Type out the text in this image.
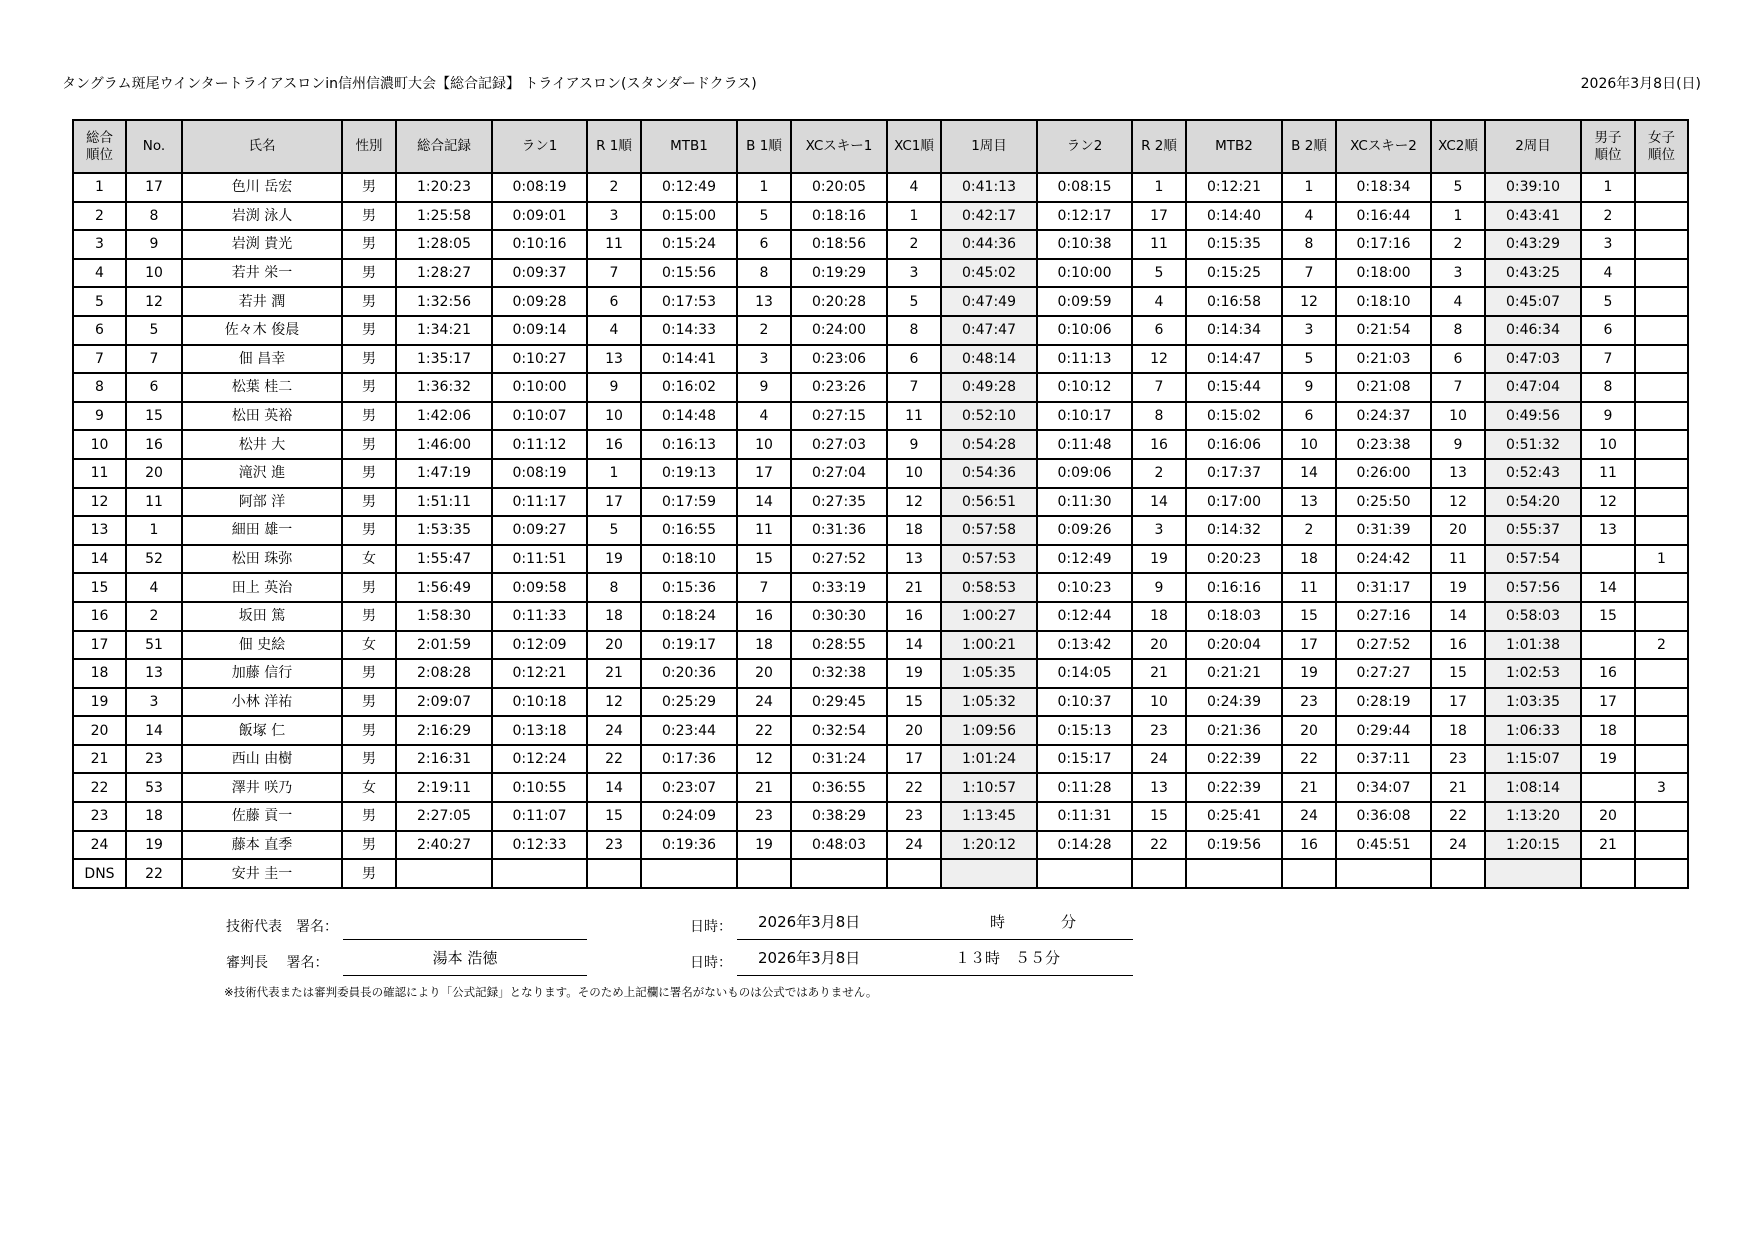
タングラム斑尾ウインタートライアスロンin信州信濃町大会【総合記録】 トライアスロン(スタンダードクラス)	2026年3月8日(日)
総合順位	No.	氏名	性別	総合記録	ラン1	R 1順	MTB1	B 1順	XCスキー1	XC1順	1周目	ラン2	R 2順	MTB2	B 2順	XCスキー2	XC2順	2周目	男子順位	女子順位
1	17	色川 岳宏	男	1:20:23	0:08:19	2	0:12:49	1	0:20:05	4	0:41:13	0:08:15	1	0:12:21	1	0:18:34	5	0:39:10	1	
2	8	岩渕 泳人	男	1:25:58	0:09:01	3	0:15:00	5	0:18:16	1	0:42:17	0:12:17	17	0:14:40	4	0:16:44	1	0:43:41	2	
3	9	岩渕 貴光	男	1:28:05	0:10:16	11	0:15:24	6	0:18:56	2	0:44:36	0:10:38	11	0:15:35	8	0:17:16	2	0:43:29	3	
4	10	若井 栄一	男	1:28:27	0:09:37	7	0:15:56	8	0:19:29	3	0:45:02	0:10:00	5	0:15:25	7	0:18:00	3	0:43:25	4	
5	12	若井 潤	男	1:32:56	0:09:28	6	0:17:53	13	0:20:28	5	0:47:49	0:09:59	4	0:16:58	12	0:18:10	4	0:45:07	5	
6	5	佐々木 俊晨	男	1:34:21	0:09:14	4	0:14:33	2	0:24:00	8	0:47:47	0:10:06	6	0:14:34	3	0:21:54	8	0:46:34	6	
7	7	佃 昌幸	男	1:35:17	0:10:27	13	0:14:41	3	0:23:06	6	0:48:14	0:11:13	12	0:14:47	5	0:21:03	6	0:47:03	7	
8	6	松葉 桂二	男	1:36:32	0:10:00	9	0:16:02	9	0:23:26	7	0:49:28	0:10:12	7	0:15:44	9	0:21:08	7	0:47:04	8	
9	15	松田 英裕	男	1:42:06	0:10:07	10	0:14:48	4	0:27:15	11	0:52:10	0:10:17	8	0:15:02	6	0:24:37	10	0:49:56	9	
10	16	松井 大	男	1:46:00	0:11:12	16	0:16:13	10	0:27:03	9	0:54:28	0:11:48	16	0:16:06	10	0:23:38	9	0:51:32	10	
11	20	滝沢 進	男	1:47:19	0:08:19	1	0:19:13	17	0:27:04	10	0:54:36	0:09:06	2	0:17:37	14	0:26:00	13	0:52:43	11	
12	11	阿部 洋	男	1:51:11	0:11:17	17	0:17:59	14	0:27:35	12	0:56:51	0:11:30	14	0:17:00	13	0:25:50	12	0:54:20	12	
13	1	細田 雄一	男	1:53:35	0:09:27	5	0:16:55	11	0:31:36	18	0:57:58	0:09:26	3	0:14:32	2	0:31:39	20	0:55:37	13	
14	52	松田 珠弥	女	1:55:47	0:11:51	19	0:18:10	15	0:27:52	13	0:57:53	0:12:49	19	0:20:23	18	0:24:42	11	0:57:54		1
15	4	田上 英治	男	1:56:49	0:09:58	8	0:15:36	7	0:33:19	21	0:58:53	0:10:23	9	0:16:16	11	0:31:17	19	0:57:56	14	
16	2	坂田 篤	男	1:58:30	0:11:33	18	0:18:24	16	0:30:30	16	1:00:27	0:12:44	18	0:18:03	15	0:27:16	14	0:58:03	15	
17	51	佃 史絵	女	2:01:59	0:12:09	20	0:19:17	18	0:28:55	14	1:00:21	0:13:42	20	0:20:04	17	0:27:52	16	1:01:38		2
18	13	加藤 信行	男	2:08:28	0:12:21	21	0:20:36	20	0:32:38	19	1:05:35	0:14:05	21	0:21:21	19	0:27:27	15	1:02:53	16	
19	3	小林 洋祐	男	2:09:07	0:10:18	12	0:25:29	24	0:29:45	15	1:05:32	0:10:37	10	0:24:39	23	0:28:19	17	1:03:35	17	
20	14	飯塚 仁	男	2:16:29	0:13:18	24	0:23:44	22	0:32:54	20	1:09:56	0:15:13	23	0:21:36	20	0:29:44	18	1:06:33	18	
21	23	西山 由樹	男	2:16:31	0:12:24	22	0:17:36	12	0:31:24	17	1:01:24	0:15:17	24	0:22:39	22	0:37:11	23	1:15:07	19	
22	53	澤井 咲乃	女	2:19:11	0:10:55	14	0:23:07	21	0:36:55	22	1:10:57	0:11:28	13	0:22:39	21	0:34:07	21	1:08:14		3
23	18	佐藤 貢一	男	2:27:05	0:11:07	15	0:24:09	23	0:38:29	23	1:13:45	0:11:31	15	0:25:41	24	0:36:08	22	1:13:20	20	
24	19	藤本 直季	男	2:40:27	0:12:33	23	0:19:36	19	0:48:03	24	1:20:12	0:14:28	22	0:19:56	16	0:45:51	24	1:20:15	21	
DNS	22	安井 圭一	男																	
技術代表　署名：
審判長　 署名：	湯本 浩徳
日時： 2026年3月8日	時	分
日時： 2026年3月8日	１３時　５５分
※技術代表または審判委員長の確認により「公式記録」となります。そのため上記欄に署名がないものは公式ではありません。
